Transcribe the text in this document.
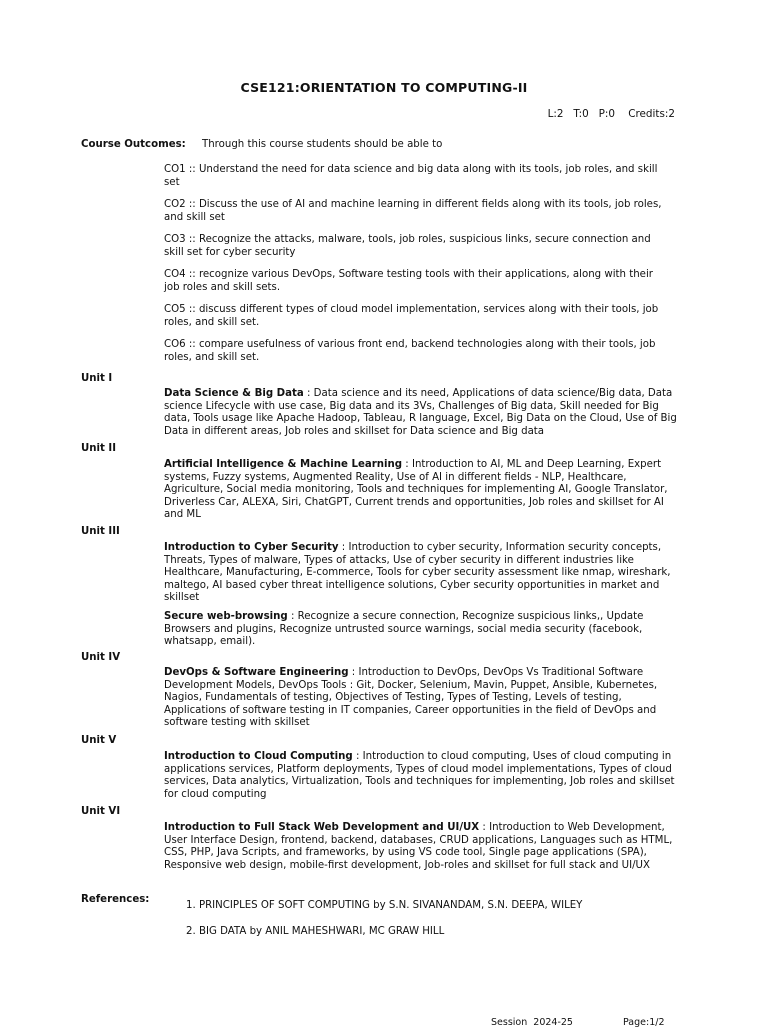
CSE121:ORIENTATION TO COMPUTING-II
L:2   T:0   P:0    Credits:2
Course Outcomes: Through this course students should be able to
CO1 :: Understand the need for data science and big data along with its tools, job roles, and skill set
CO2 :: Discuss the use of AI and machine learning in different fields along with its tools, job roles, and skill set
CO3 :: Recognize the attacks, malware, tools, job roles, suspicious links, secure connection and skill set for cyber security
CO4 :: recognize various DevOps, Software testing tools with their applications, along with their job roles and skill sets.
CO5 :: discuss different types of cloud model implementation, services along with their tools, job roles, and skill set.
CO6 :: compare usefulness of various front end, backend technologies along with their tools, job roles, and skill set.
Unit I
Data Science & Big Data : Data science and its need, Applications of data science/Big data, Data science Lifecycle with use case, Big data and its 3Vs, Challenges of Big data, Skill needed for Big data, Tools usage like Apache Hadoop, Tableau, R language, Excel, Big Data on the Cloud, Use of Big Data in different areas, Job roles and skillset for Data science and Big data
Unit II
Artificial Intelligence & Machine Learning : Introduction to AI, ML and Deep Learning, Expert systems, Fuzzy systems, Augmented Reality, Use of AI in different fields - NLP, Healthcare, Agriculture, Social media monitoring, Tools and techniques for implementing AI, Google Translator, Driverless Car, ALEXA, Siri, ChatGPT, Current trends and opportunities, Job roles and skillset for AI and ML
Unit III
Introduction to Cyber Security : Introduction to cyber security, Information security concepts, Threats, Types of malware, Types of attacks, Use of cyber security in different industries like Healthcare, Manufacturing, E-commerce, Tools for cyber security assessment like nmap, wireshark, maltego, AI based cyber threat intelligence solutions, Cyber security opportunities in market and skillset
Secure web-browsing : Recognize a secure connection, Recognize suspicious links,, Update Browsers and plugins, Recognize untrusted source warnings, social media security (facebook, whatsapp, email).
Unit IV
DevOps & Software Engineering : Introduction to DevOps, DevOps Vs Traditional Software Development Models, DevOps Tools : Git, Docker, Selenium, Mavin, Puppet, Ansible, Kubernetes, Nagios, Fundamentals of testing, Objectives of Testing, Types of Testing, Levels of testing, Applications of software testing in IT companies, Career opportunities in the field of DevOps and software testing with skillset
Unit V
Introduction to Cloud Computing : Introduction to cloud computing, Uses of cloud computing in applications services, Platform deployments, Types of cloud model implementations, Types of cloud services, Data analytics, Virtualization, Tools and techniques for implementing, Job roles and skillset for cloud computing
Unit VI
Introduction to Full Stack Web Development and UI/UX : Introduction to Web Development, User Interface Design, frontend, backend, databases, CRUD applications, Languages such as HTML, CSS, PHP, Java Scripts, and frameworks, by using VS code tool, Single page applications (SPA), Responsive web design, mobile-first development, Job-roles and skillset for full stack and UI/UX
References:
1. PRINCIPLES OF SOFT COMPUTING by S.N. SIVANANDAM, S.N. DEEPA, WILEY
2. BIG DATA by ANIL MAHESHWARI, MC GRAW HILL
Session  2024-25	Page:1/2
